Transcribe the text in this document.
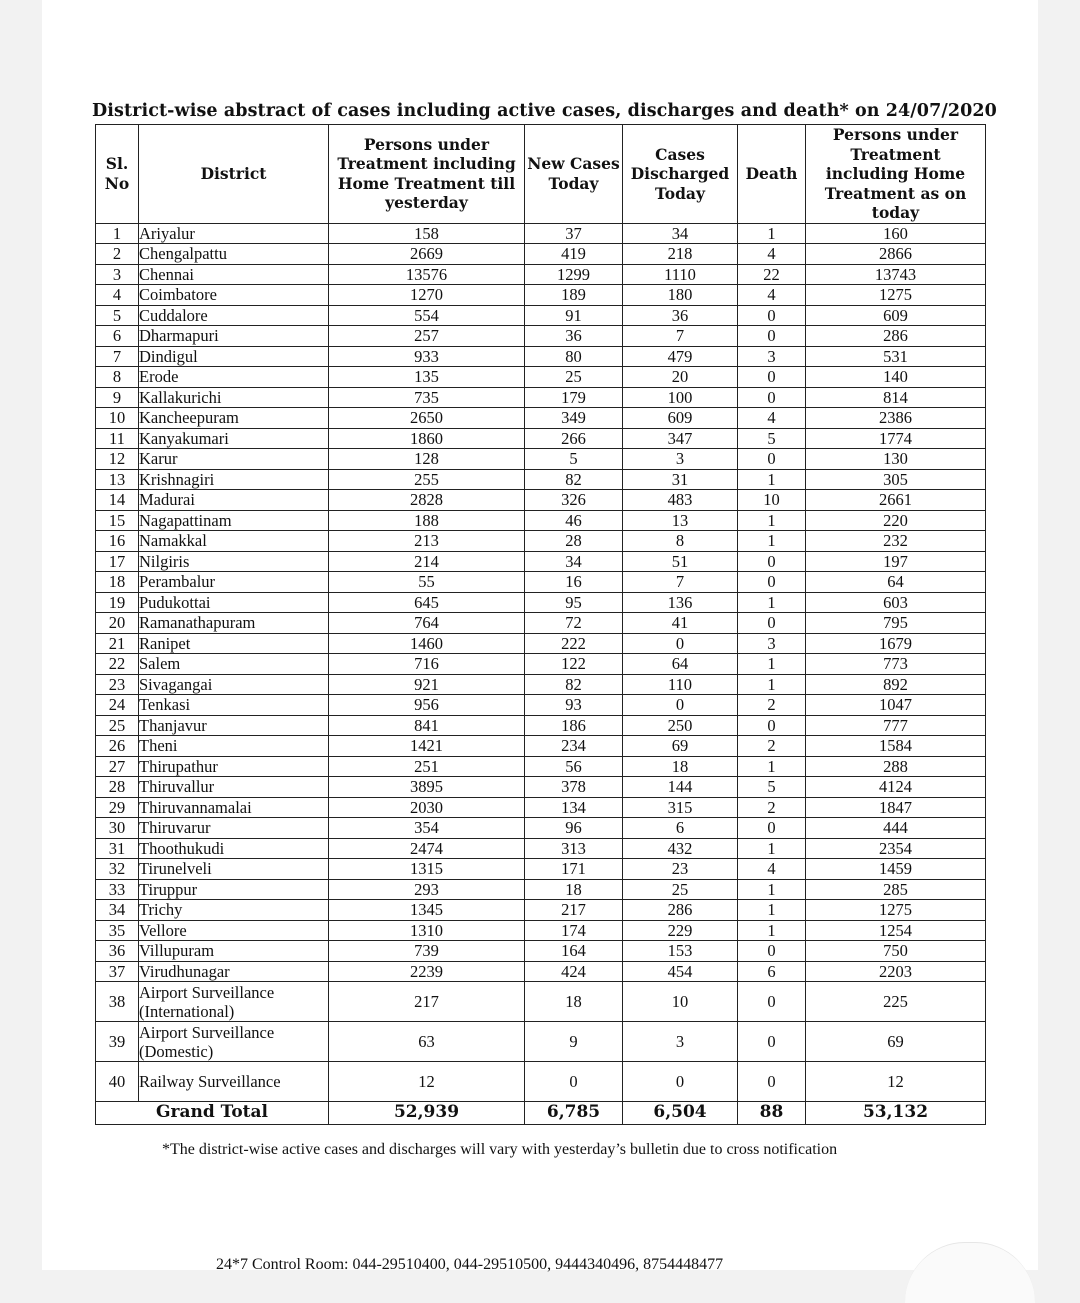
District-wise abstract of cases including active cases, discharges and death* on 24/07/2020
Sl. No	District	Persons under Treatment including Home Treatment till yesterday	New Cases Today	Cases Discharged Today	Death	Persons under Treatment including Home Treatment as on today
1	Ariyalur	158	37	34	1	160
2	Chengalpattu	2669	419	218	4	2866
3	Chennai	13576	1299	1110	22	13743
4	Coimbatore	1270	189	180	4	1275
5	Cuddalore	554	91	36	0	609
6	Dharmapuri	257	36	7	0	286
7	Dindigul	933	80	479	3	531
8	Erode	135	25	20	0	140
9	Kallakurichi	735	179	100	0	814
10	Kancheepuram	2650	349	609	4	2386
11	Kanyakumari	1860	266	347	5	1774
12	Karur	128	5	3	0	130
13	Krishnagiri	255	82	31	1	305
14	Madurai	2828	326	483	10	2661
15	Nagapattinam	188	46	13	1	220
16	Namakkal	213	28	8	1	232
17	Nilgiris	214	34	51	0	197
18	Perambalur	55	16	7	0	64
19	Pudukottai	645	95	136	1	603
20	Ramanathapuram	764	72	41	0	795
21	Ranipet	1460	222	0	3	1679
22	Salem	716	122	64	1	773
23	Sivagangai	921	82	110	1	892
24	Tenkasi	956	93	0	2	1047
25	Thanjavur	841	186	250	0	777
26	Theni	1421	234	69	2	1584
27	Thirupathur	251	56	18	1	288
28	Thiruvallur	3895	378	144	5	4124
29	Thiruvannamalai	2030	134	315	2	1847
30	Thiruvarur	354	96	6	0	444
31	Thoothukudi	2474	313	432	1	2354
32	Tirunelveli	1315	171	23	4	1459
33	Tiruppur	293	18	25	1	285
34	Trichy	1345	217	286	1	1275
35	Vellore	1310	174	229	1	1254
36	Villupuram	739	164	153	0	750
37	Virudhunagar	2239	424	454	6	2203
38	Airport Surveillance (International)	217	18	10	0	225
39	Airport Surveillance (Domestic)	63	9	3	0	69
40	Railway Surveillance	12	0	0	0	12
Grand Total		52,939	6,785	6,504	88	53,132
*The district-wise active cases and discharges will vary with yesterday’s bulletin due to cross notification
24*7 Control Room: 044-29510400, 044-29510500, 9444340496, 8754448477
